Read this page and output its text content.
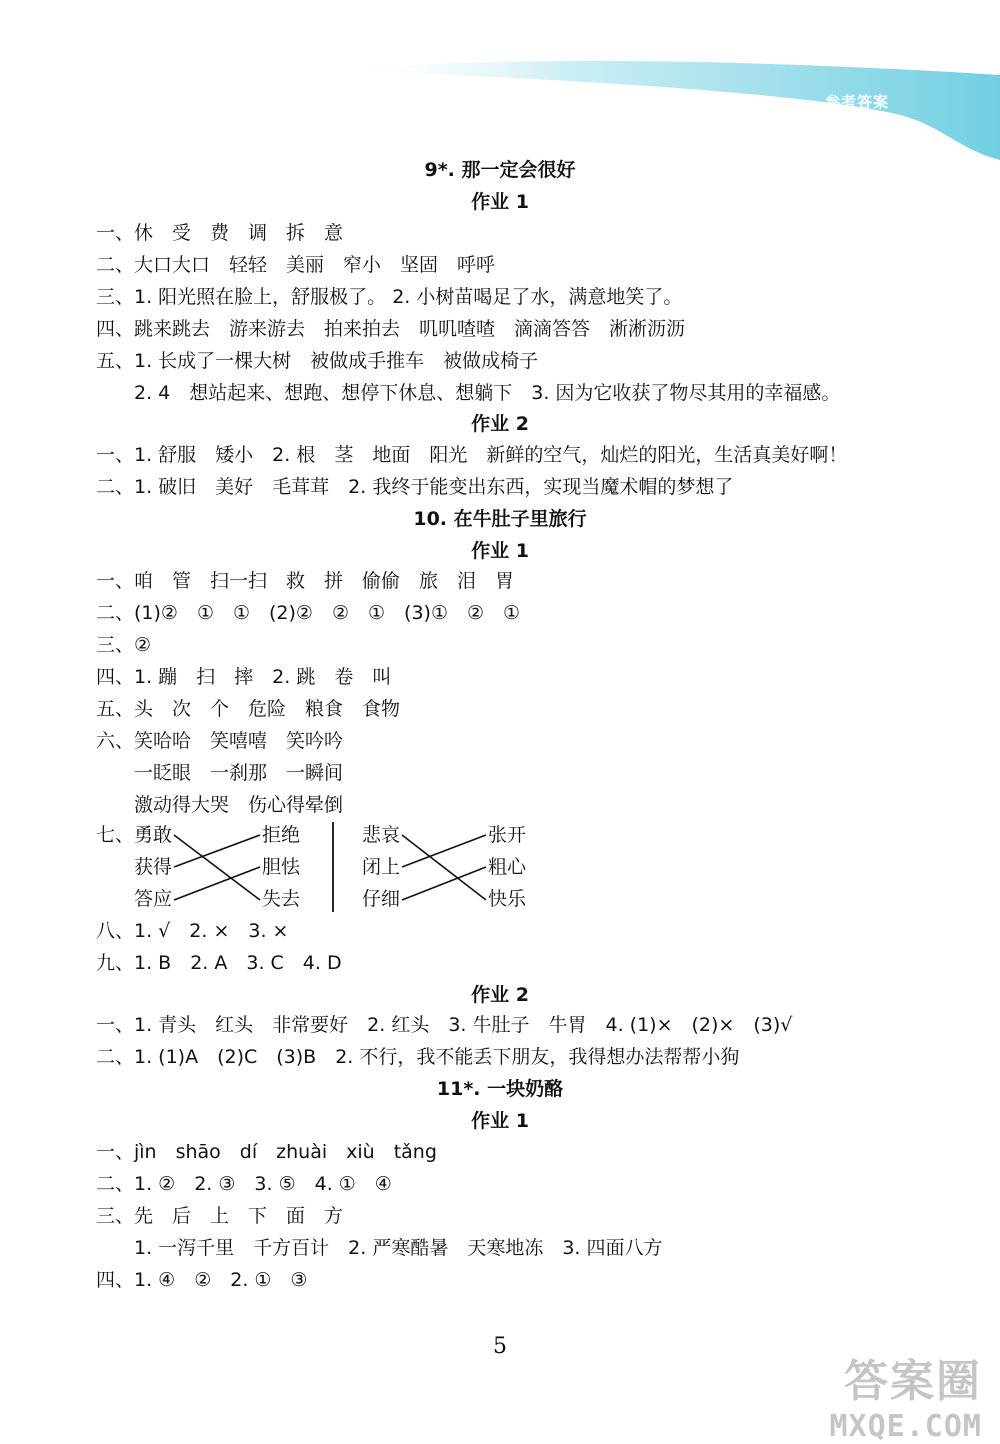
参考答案
9*. 那一定会很好
作业 1
一、休　受　费　调　拆　意
二、大口大口　轻轻　美丽　窄小　坚固　呼呼
三、1. 阳光照在脸上，舒服极了。 2. 小树苗喝足了水，满意地笑了。
四、跳来跳去　游来游去　拍来拍去　叽叽喳喳　滴滴答答　淅淅沥沥
五、1. 长成了一棵大树　被做成手推车　被做成椅子
2. 4　想站起来、想跑、想停下休息、想躺下　3. 因为它收获了物尽其用的幸福感。
作业 2
一、1. 舒服　矮小　2. 根　茎　地面　阳光　新鲜的空气，灿烂的阳光，生活真美好啊！
二、1. 破旧　美好　毛茸茸　2. 我终于能变出东西，实现当魔术帽的梦想了
10. 在牛肚子里旅行
作业 1
一、咱　管　扫一扫　救　拼　偷偷　旅　泪　胃
二、(1)②　①　①　(2)②　②　①　(3)①　②　①
三、②
四、1. 蹦　扫　摔　2. 跳　卷　叫
五、头　次　个　危险　粮食　食物
六、笑哈哈　笑嘻嘻　笑吟吟
一眨眼　一刹那　一瞬间
激动得大哭　伤心得晕倒
七、 勇敢
获得
答应
拒绝
胆怯
失去
悲哀
闭上
仔细
张开
粗心
快乐
八、1. √　2. ×　3. ×
九、1. B　2. A　3. C　4. D
作业 2
一、1. 青头　红头　非常要好　2. 红头　3. 牛肚子　牛胃　4. (1)×　(2)×　(3)√
二、1. (1)A　(2)C　(3)B　2. 不行，我不能丢下朋友，我得想办法帮帮小狗
11*. 一块奶酪
作业 1
一、jìn　shāo　dí　zhuài　xiù　tǎng
二、1. ②　2. ③　3. ⑤　4. ①　④
三、先　后　上　下　面　方
1. 一泻千里　千方百计　2. 严寒酷暑　天寒地冻　3. 四面八方
四、1. ④　②　2. ①　③
5
答案圈
MXQE.COM
